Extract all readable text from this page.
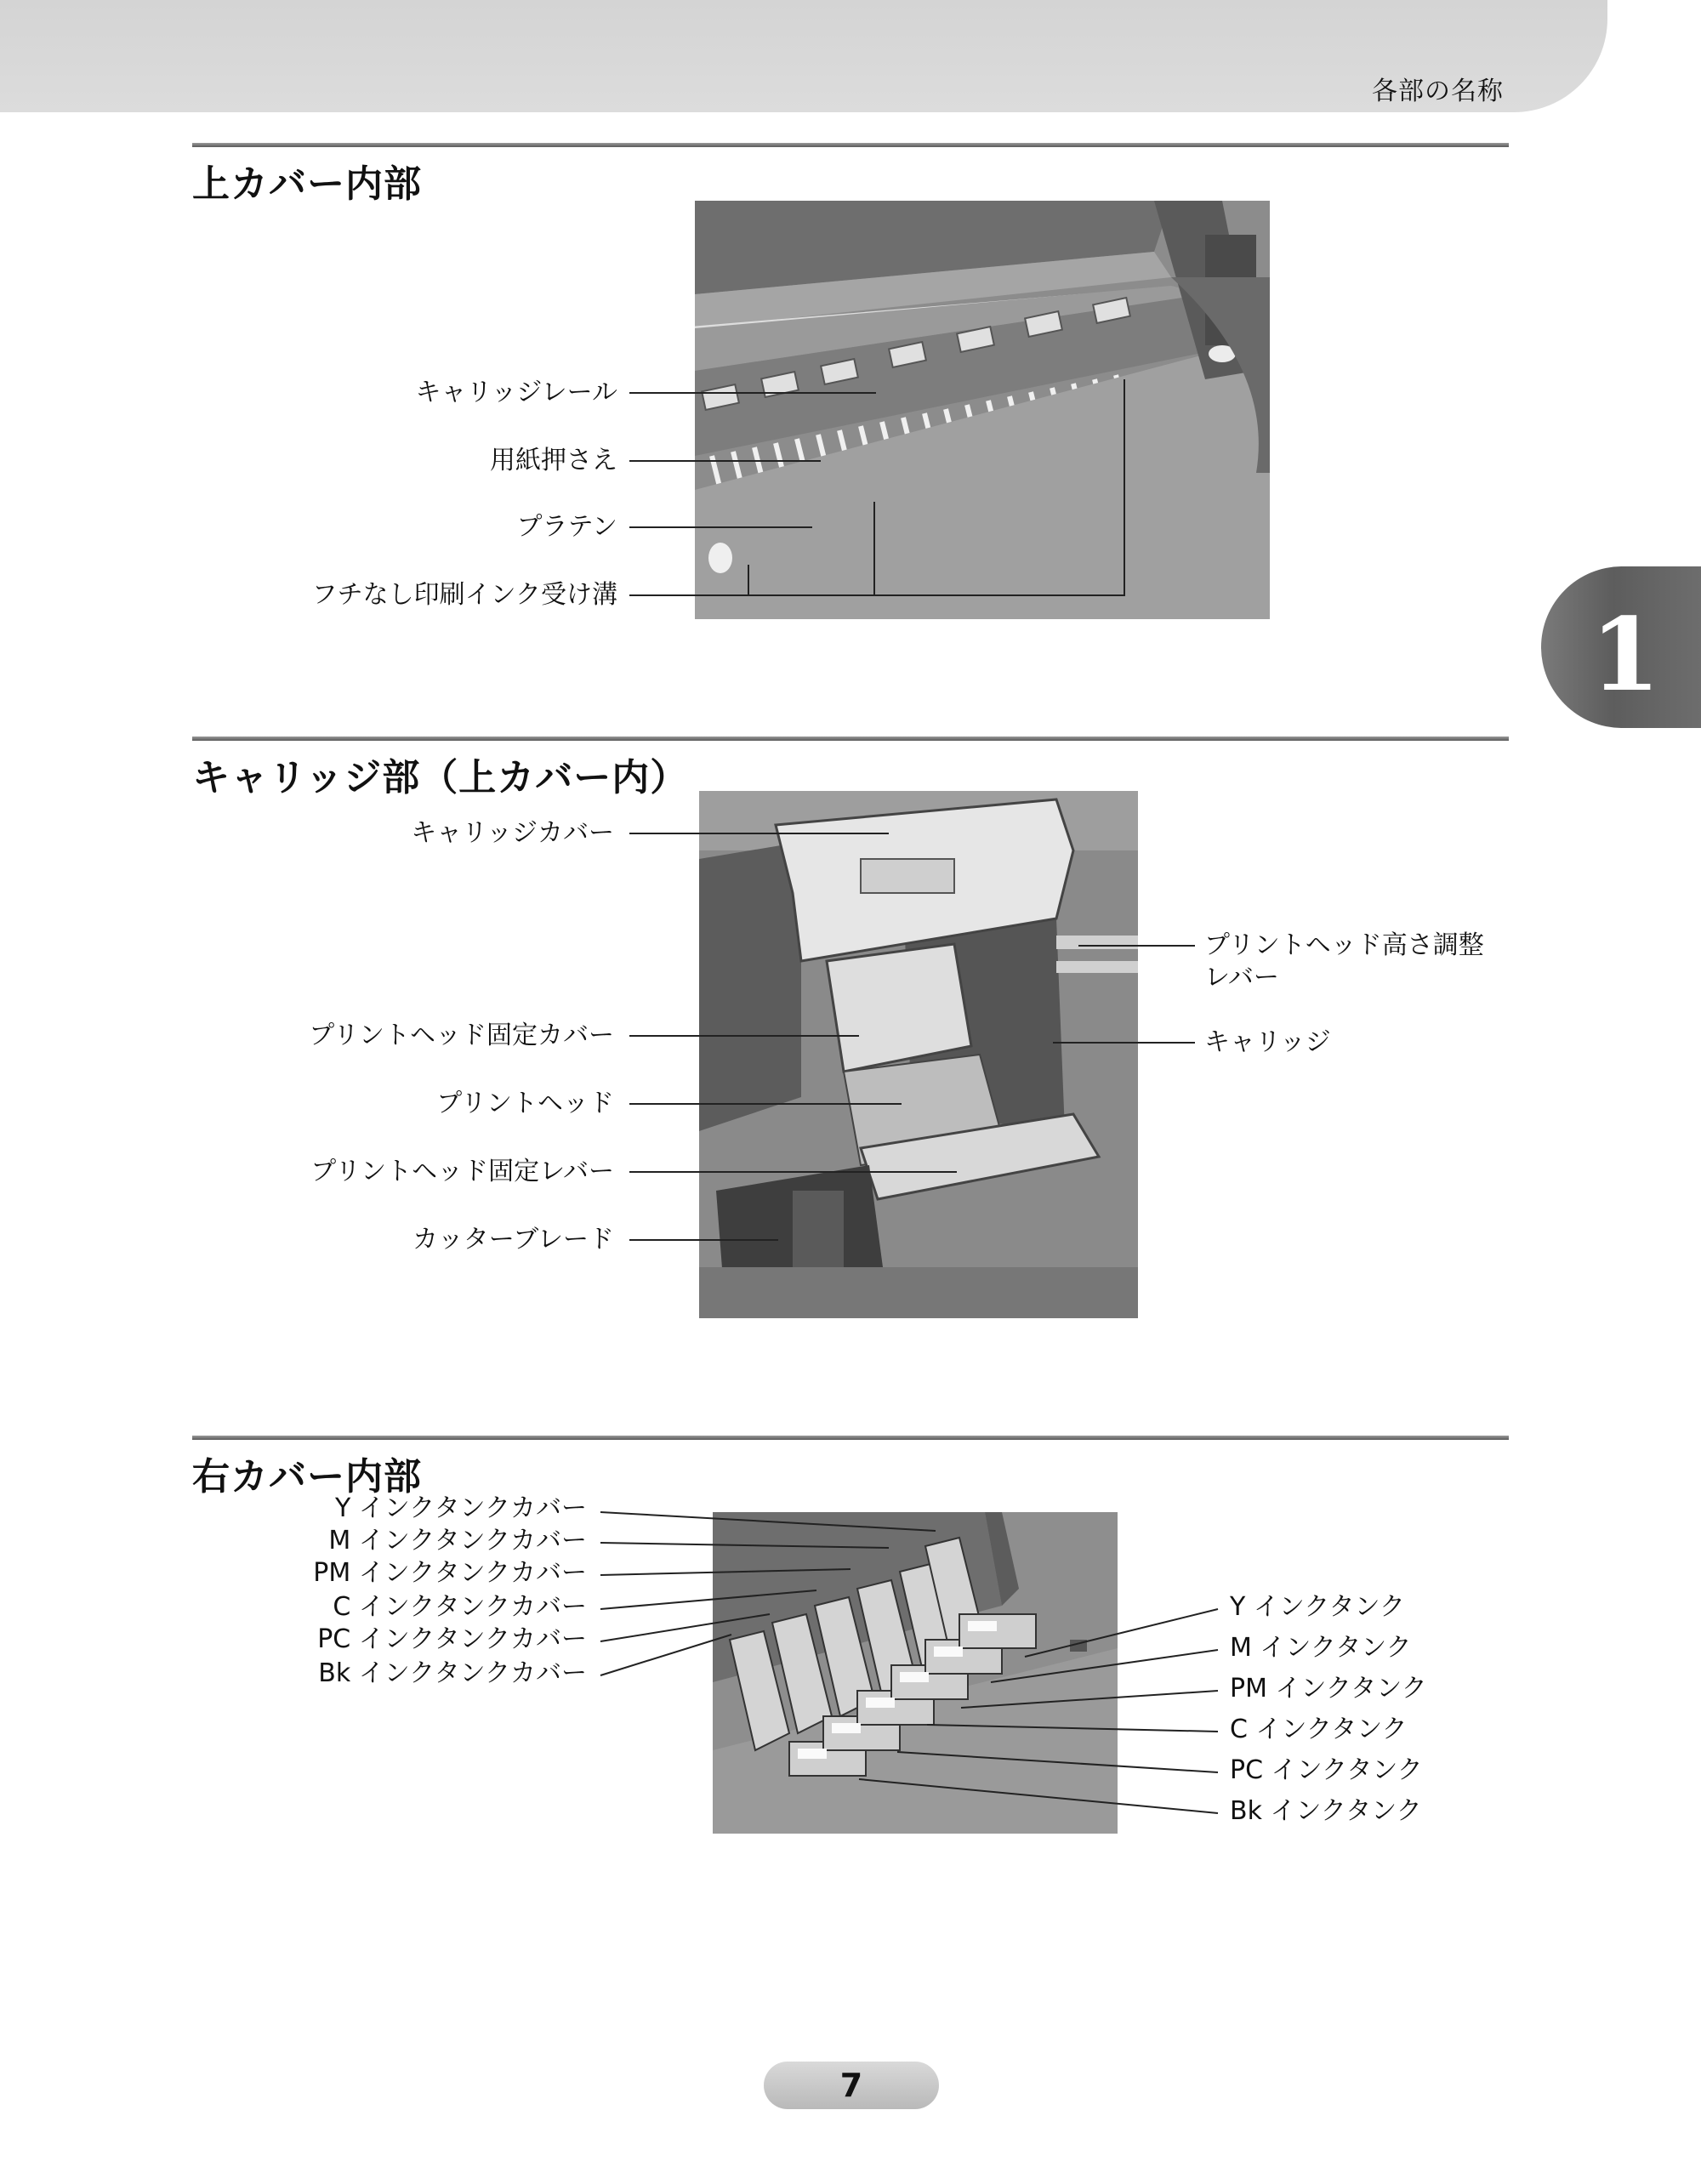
各部の名称
1
上カバー内部
キャリッジレール
用紙押さえ
プラテン
フチなし印刷インク受け溝
キャリッジ部（上カバー内）
キャリッジカバー
プリントヘッド固定カバー
プリントヘッド
プリントヘッド固定レバー
カッターブレード
プリントヘッド高さ調整
レバー
キャリッジ
右カバー内部
Y インクタンクカバー
M インクタンクカバー
PM インクタンクカバー
C インクタンクカバー
PC インクタンクカバー
Bk インクタンクカバー
Y インクタンク
M インクタンク
PM インクタンク
C インクタンク
PC インクタンク
Bk インクタンク
7
